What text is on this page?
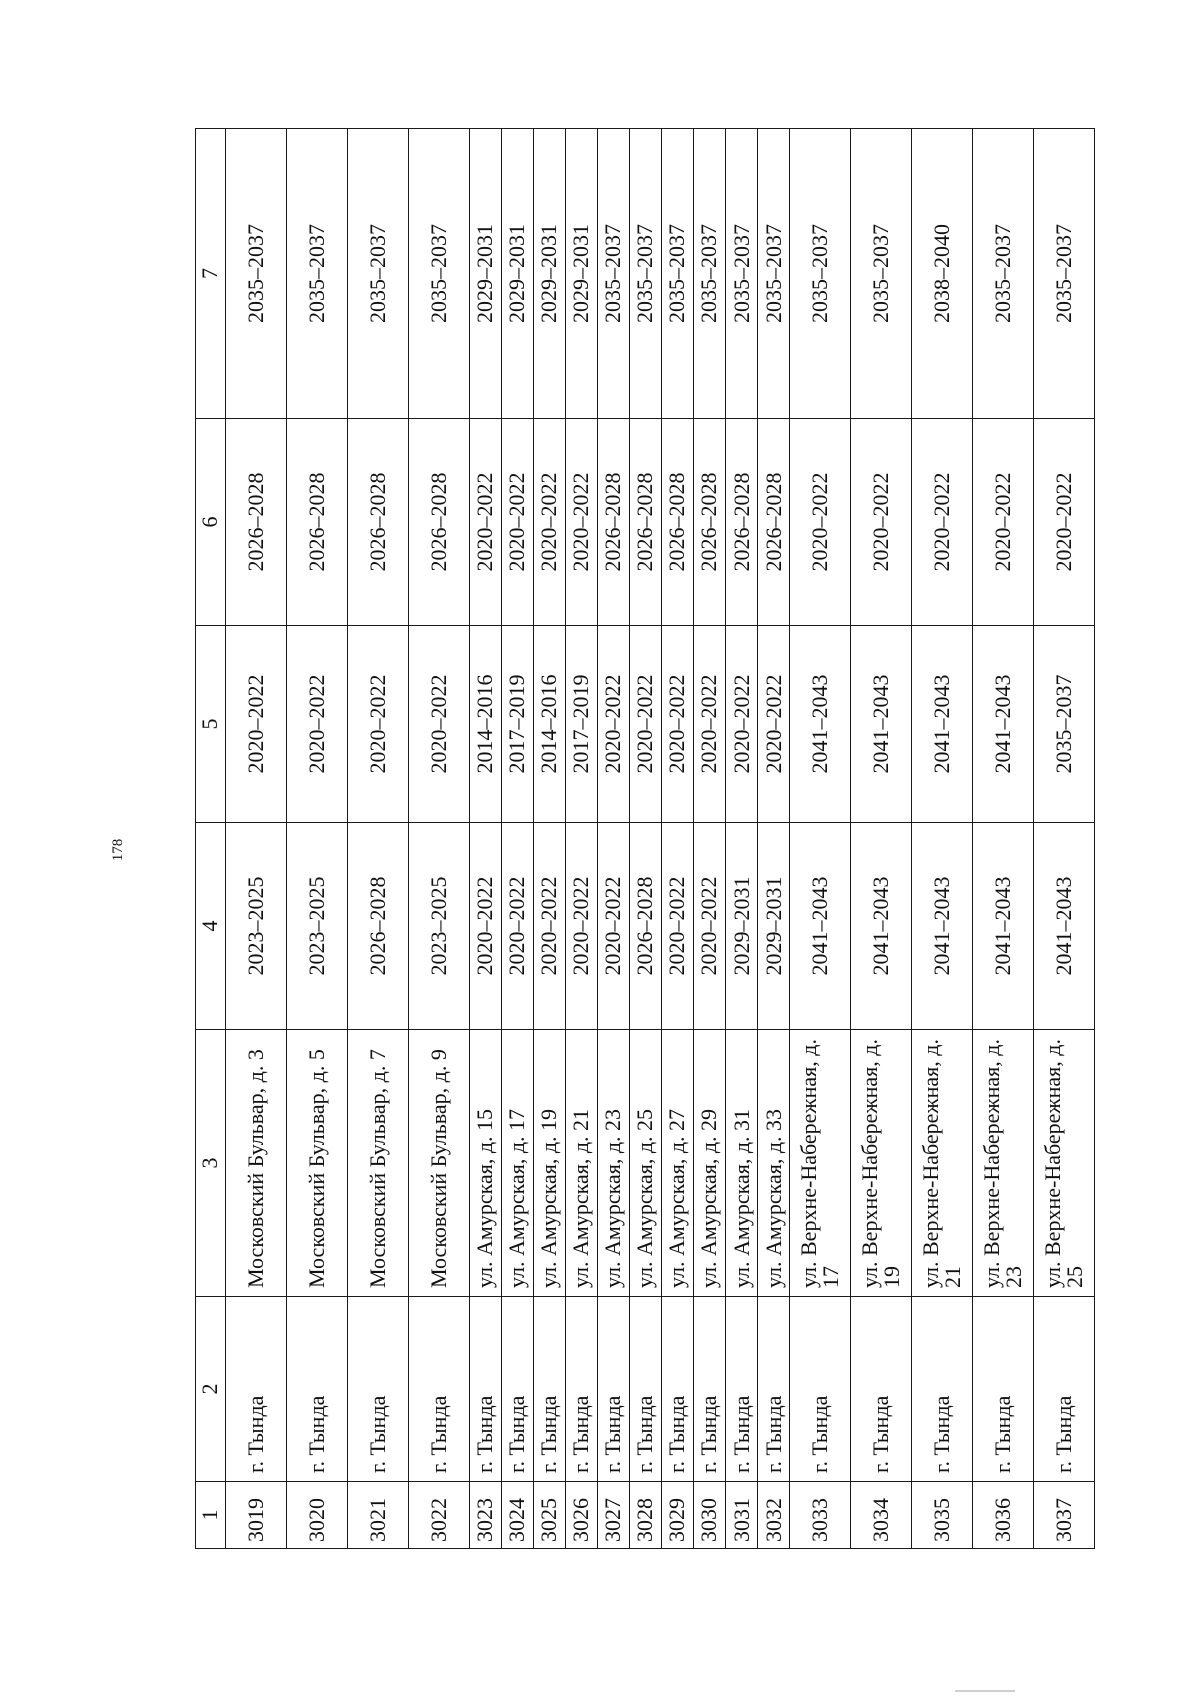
178
1	2	3	4	5	6	7
3019	г. Тында	Московский Бульвар, д. 3	2023–2025	2020–2022	2026–2028	2035–2037
3020	г. Тында	Московский Бульвар, д. 5	2023–2025	2020–2022	2026–2028	2035–2037
3021	г. Тында	Московский Бульвар, д. 7	2026–2028	2020–2022	2026–2028	2035–2037
3022	г. Тында	Московский Бульвар, д. 9	2023–2025	2020–2022	2026–2028	2035–2037
3023	г. Тында	ул. Амурская, д. 15	2020–2022	2014–2016	2020–2022	2029–2031
3024	г. Тында	ул. Амурская, д. 17	2020–2022	2017–2019	2020–2022	2029–2031
3025	г. Тында	ул. Амурская, д. 19	2020–2022	2014–2016	2020–2022	2029–2031
3026	г. Тында	ул. Амурская, д. 21	2020–2022	2017–2019	2020–2022	2029–2031
3027	г. Тында	ул. Амурская, д. 23	2020–2022	2020–2022	2026–2028	2035–2037
3028	г. Тында	ул. Амурская, д. 25	2026–2028	2020–2022	2026–2028	2035–2037
3029	г. Тында	ул. Амурская, д. 27	2020–2022	2020–2022	2026–2028	2035–2037
3030	г. Тында	ул. Амурская, д. 29	2020–2022	2020–2022	2026–2028	2035–2037
3031	г. Тында	ул. Амурская, д. 31	2029–2031	2020–2022	2026–2028	2035–2037
3032	г. Тында	ул. Амурская, д. 33	2029–2031	2020–2022	2026–2028	2035–2037
3033	г. Тында	ул. Верхне-Набережная, д. 17	2041–2043	2041–2043	2020–2022	2035–2037
3034	г. Тында	ул. Верхне-Набережная, д. 19	2041–2043	2041–2043	2020–2022	2035–2037
3035	г. Тында	ул. Верхне-Набережная, д. 21	2041–2043	2041–2043	2020–2022	2038–2040
3036	г. Тында	ул. Верхне-Набережная, д. 23	2041–2043	2041–2043	2020–2022	2035–2037
3037	г. Тында	ул. Верхне-Набережная, д. 25	2041–2043	2035–2037	2020–2022	2035–2037
